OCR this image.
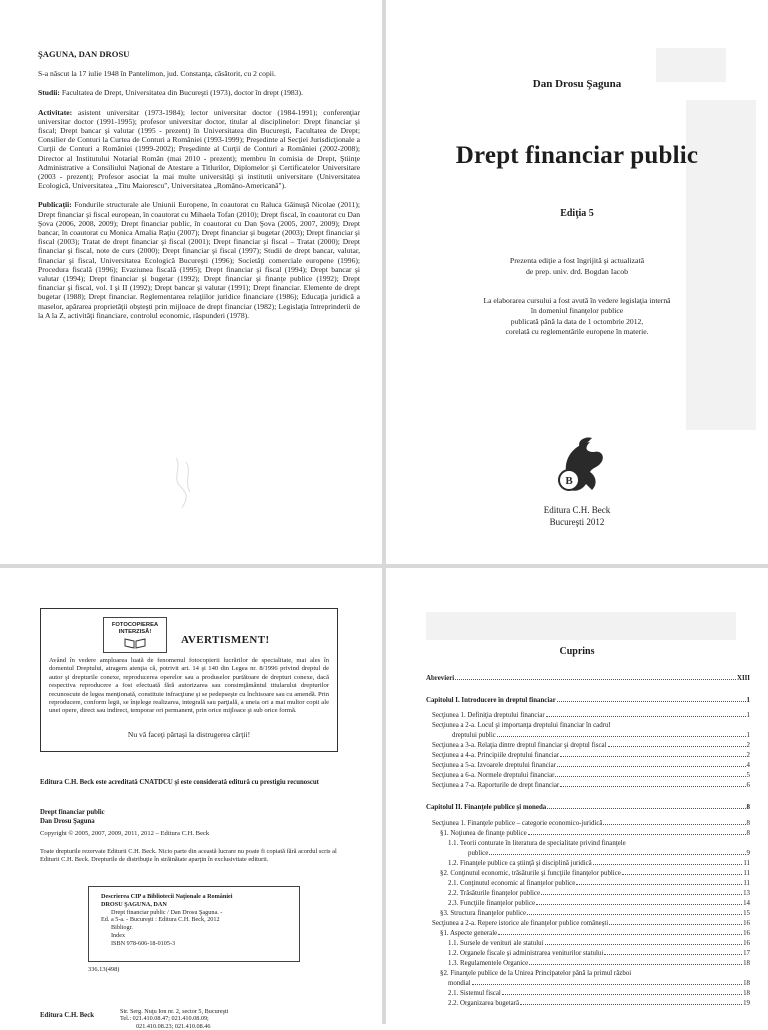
ŞAGUNA, DAN DROSU

S-a născut la 17 iulie 1948 în Pantelimon, jud. Constanţa, căsătorit, cu 2 copii.

Studii: Facultatea de Drept, Universitatea din Bucureşti (1973), doctor în drept (1983).

Activitate: asistent universitar (1973-1984); lector universitar doctor (1984-1991); conferenţiar universitar doctor (1991-1995); profesor universitar doctor, titular al disciplinelor: Drept financiar şi fiscal; Drept bancar şi valutar (1995 - prezent) în Universitatea din Bucureşti, Facultatea de Drept; Consilier de Conturi la Curtea de Conturi a României (1993-1999); Preşedinte al Secţiei Jurisdicţionale a Curţii de Conturi a României (1999-2002); Preşedinte al Curţii de Conturi a României (2002-2008); Director al Institutului Notarial Român (mai 2010 - prezent); membru în comisia de Drept, Ştiinţe Administrative a Consiliului Naţional de Atestare a Titlurilor, Diplomelor şi Certificatelor Universitare (2003 - prezent); Profesor asociat la mai multe universităţi şi institutii universitare (Universitatea Ecologică, Universitatea „Titu Maiorescu", Universitatea „Româno-Americană").

Publicaţii: Fondurile structurale ale Uniunii Europene, în coautorat cu Raluca Gâinuşă Nicolae (2011); Drept financiar şi fiscal european, în coautorat cu Mihaela Tofan (2010); Drept fiscal, în coautorat cu Dan Şova (2006, 2008, 2009); Drept financiar public, în coautorat cu Dan Şova (2005, 2007, 2009); Drept bancar, în coautorat cu Monica Amalia Raţiu (2007); Drept financiar şi bugetar (2003); Drept financiar şi fiscal (2003); Tratat de drept financiar şi fiscal (2001); Drept financiar şi fiscal – Tratat (2000); Drept financiar şi fiscal, note de curs (2000); Drept financiar şi fiscal (1997); Studii de drept bancar, valutar, financiar şi fiscal, Universitatea Ecologică Bucureşti (1996); Societăţi comerciale europene (1996); Procedura fiscală (1996); Evaziunea fiscală (1995); Drept financiar şi fiscal (1994); Drept bancar şi valutar (1994); Drept financiar şi bugetar (1992); Drept financiar şi finanţe publice (1992); Drept financiar şi fiscal, vol. I şi II (1992); Drept bancar şi valutar (1991); Drept financiar. Elemente de drept bugetar (1988); Drept financiar. Reglementarea relaţiilor juridice financiare (1986); Educaţia juridică a maselor, apărarea proprietăţii obşteşti prin mijloace de drept financiar (1982); Legislaţia întreprinderii de la A la Z, activităţi financiare, controlul economic, răspunderi (1978).

Dan Drosu Şaguna
Drept financiar public
Ediţia 5
Prezenta ediţie a fost îngrijită şi actualizată
de prep. univ. drd. Bogdan Iacob
La elaborarea cursului a fost avută în vedere legislaţia internă
în domeniul finanţelor publice
publicată până la data de 1 octombrie 2012,
corelată cu reglementările europene în materie.
B
Editura C.H. Beck
Bucureşti 2012
FOTOCOPIEREA
INTERZISĂ!
AVERTISMENT!
Având în vedere amploarea luată de fenomenul fotocopierii lucrărilor de specialitate, mai ales în domeniul Dreptului, atragem atenţia că, potrivit art. 14 şi 140 din Legea nr. 8/1996 privind dreptul de autor şi drepturile conexe, reproducerea operelor sau a produselor purtătoare de drepturi conexe, dacă respectiva reproducere a fost efectuată fără autorizarea sau consimţământul titularului drepturilor recunoscute de legea menţionată, constituie infracţiune şi se pedepseşte cu închisoare sau cu amendă. Prin reproducere, conform legii, se înţelege realizarea, integrală sau parţială, a uneia ori a mai multor copii ale unei opere, direct sau indirect, temporar ori permanent, prin orice mijloace şi sub orice formă.
Nu vă faceţi părtaşi la distrugerea cărţii!
Editura C.H. Beck este acreditată CNATDCU şi este considerată editură cu prestigiu recunoscut
Drept financiar public
Dan Drosu Şaguna
Copyright © 2005, 2007, 2009, 2011, 2012 – Editura C.H. Beck
Toate drepturile rezervate Editurii C.H. Beck. Nicio parte din această lucrare nu poate fi copiată fără acordul scris al Editurii C.H. Beck. Drepturile de distribuţie în străinătate aparţin în exclusivitate editurii.
Descrierea CIP a Bibliotecii Naţionale a României
DROSU ŞAGUNA, DAN
Drept financiar public / Dan Drosu Şaguna. -
Ed. a 5-a. - Bucureşti : Editura C.H. Beck, 2012
Bibliogr.
Index
ISBN 978-606-18-0105-3
336.13(498)
Editura C.H. Beck
Str. Serg. Nuţu Ion nr. 2, sector 5, Bucureşti
Tel.: 021.410.08.47; 021.410.08.09;
021.410.08.23; 021.410.08.46
Cuprins
Abrevieri	XIII
Capitolul I. Introducere în dreptul financiar	1
Secţiunea 1. Definiţia dreptului financiar	1
Secţiunea a 2-a. Locul şi importanţa dreptului financiar în cadrul
dreptului public	1
Secţiunea a 3-a. Relaţia dintre dreptul financiar şi dreptul fiscal	2
Secţiunea a 4-a. Principiile dreptului financiar	2
Secţiunea a 5-a. Izvoarele dreptului financiar	4
Secţiunea a 6-a. Normele dreptului financiar	5
Secţiunea a 7-a. Raporturile de drept financiar	6
Capitolul II. Finanţele publice şi moneda	8
Secţiunea 1. Finanţele publice – categorie economico-juridică	8
§1. Noţiunea de finanţe publice	8
1.1. Teorii conturate în literatura de specialitate privind finanţele
publice	9
1.2. Finanţele publice ca ştiinţă şi disciplină juridică	11
§2. Conţinutul economic, trăsăturile şi funcţiile finanţelor publice	11
2.1. Conţinutul economic al finanţelor publice	11
2.2. Trăsăturile finanţelor publice	13
2.3. Funcţiile finanţelor publice	14
§3. Structura finanţelor publice	15
Secţiunea a 2-a. Repere istorice ale finanţelor publice româneşti	16
§1. Aspecte generale	16
1.1. Sursele de venituri ale statului	16
1.2. Organele fiscale şi administrarea veniturilor statului	17
1.3. Regulamentele Organice	18
§2. Finanţele publice de la Unirea Principatelor până la primul război
mondial	18
2.1. Sistemul fiscal	18
2.2. Organizarea bugetară	19
